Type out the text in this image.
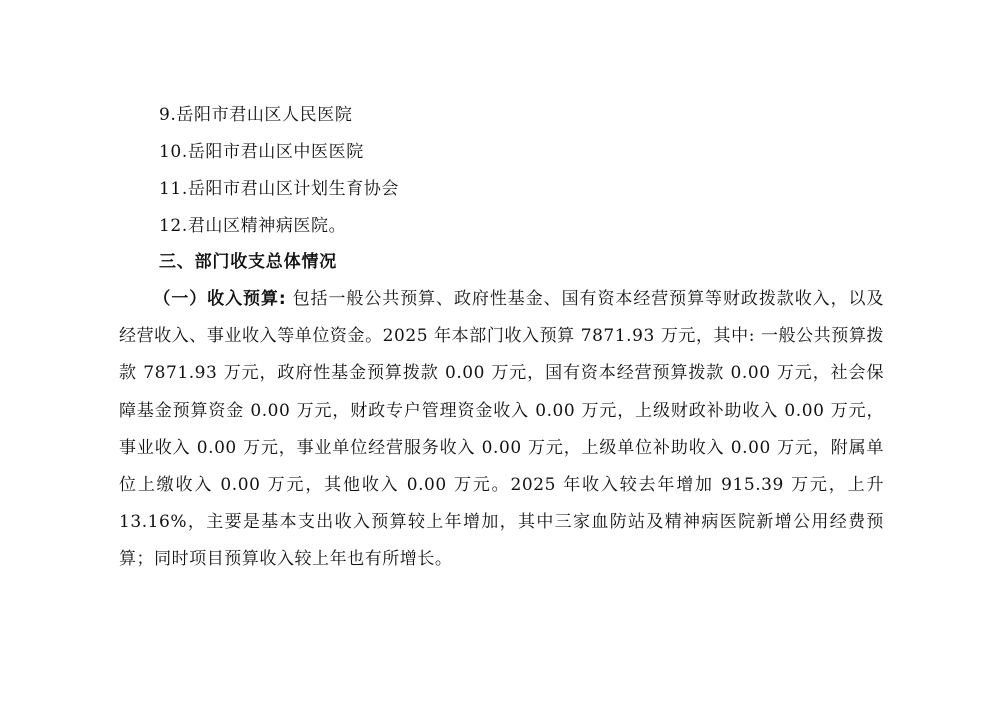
9.岳阳市君山区人民医院
10.岳阳市君山区中医医院
11.岳阳市君山区计划生育协会
12.君山区精神病医院。
三、部门收支总体情况
（一）收入预算: 包括一般公共预算、政府性基金、国有资本经营预算等财政拨款收入，以及经营收入、事业收入等单位资金。2025 年本部门收入预算 7871.93 万元，其中: 一般公共预算拨款 7871.93 万元，政府性基金预算拨款 0.00 万元，国有资本经营预算拨款 0.00 万元，社会保障基金预算资金 0.00 万元，财政专户管理资金收入 0.00 万元，上级财政补助收入 0.00 万元，事业收入 0.00 万元，事业单位经营服务收入 0.00 万元，上级单位补助收入 0.00 万元，附属单位上缴收入 0.00 万元，其他收入 0.00 万元。2025 年收入较去年增加 915.39 万元，上升 13.16%，主要是基本支出收入预算较上年增加，其中三家血防站及精神病医院新增公用经费预算；同时项目预算收入较上年也有所增长。
